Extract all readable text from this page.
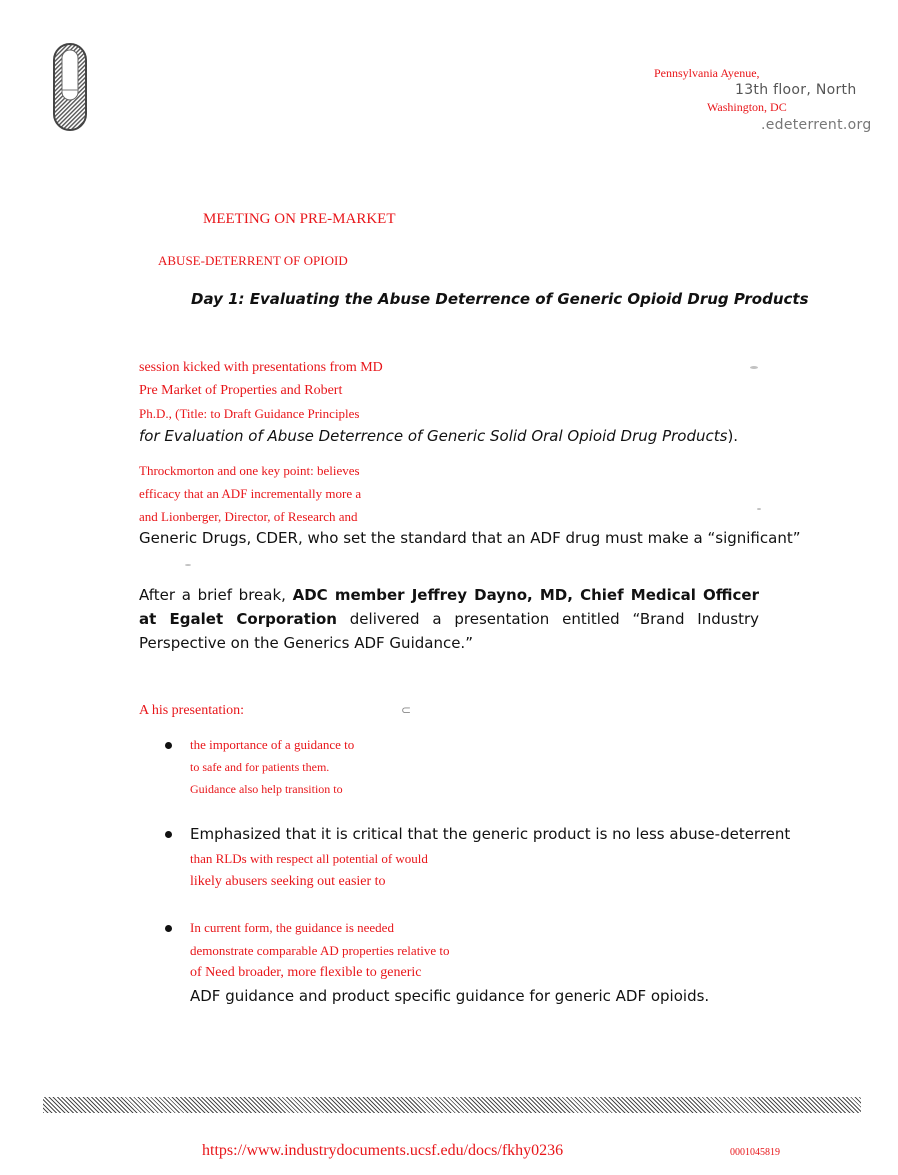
Pennsylvania Ayenue,
13th floor, North
Washington, DC
.edeterrent.org
MEETING ON PRE-MARKET
ABUSE-DETERRENT OF OPIOID
Day 1: Evaluating the Abuse Deterrence of Generic Opioid Drug Products
session kicked with presentations from MD
Pre Market of Properties and Robert
Ph.D., (Title: to Draft Guidance Principles
for Evaluation of Abuse Deterrence of Generic Solid Oral Opioid Drug Products).
Throckmorton and one key point: believes
efficacy that an ADF incrementally more a
and Lionberger, Director, of Research and
Generic Drugs, CDER, who set the standard that an ADF drug must make a “significant”
After a brief break, ADC member Jeffrey Dayno, MD, Chief Medical Officer at Egalet Corporation delivered a presentation entitled “Brand Industry Perspective on the Generics ADF Guidance.”
A his presentation:	⊂
the importance of a guidance to
to safe and for patients them.
Guidance also help transition to
Emphasized that it is critical that the generic product is no less abuse-deterrent
than RLDs with respect all potential of would
likely abusers seeking out easier to
In current form, the guidance is needed
demonstrate comparable AD properties relative to
of Need broader, more flexible to generic
ADF guidance and product specific guidance for generic ADF opioids.
https://www.industrydocuments.ucsf.edu/docs/fkhy0236	0001045819
